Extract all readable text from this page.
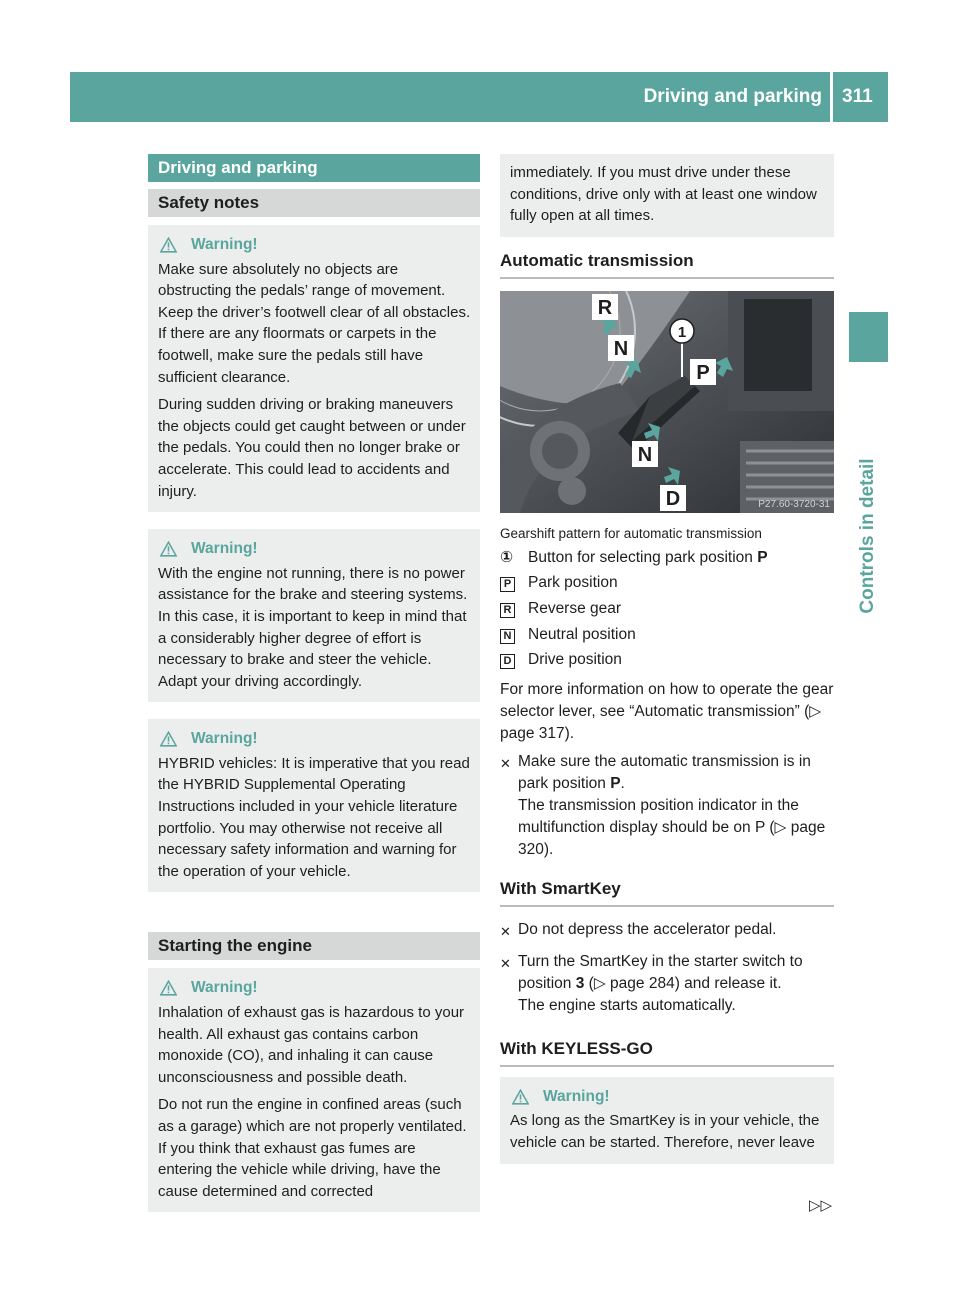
Driving and parking 311
Controls in detail
Driving and parking
Safety notes
Warning!

Make sure absolutely no objects are obstructing the pedals’ range of movement. Keep the driver’s footwell clear of all obstacles. If there are any floormats or carpets in the footwell, make sure the pedals still have sufficient clearance.

During sudden driving or braking maneuvers the objects could get caught between or under the pedals. You could then no longer brake or accelerate. This could lead to accidents and injury.

Warning!

With the engine not running, there is no power assistance for the brake and steering systems. In this case, it is important to keep in mind that a considerably higher degree of effort is necessary to brake and steer the vehicle. Adapt your driving accordingly.

Warning!

HYBRID vehicles: It is imperative that you read the HYBRID Supplemental Operating Instructions included in your vehicle literature portfolio. You may otherwise not receive all necessary safety information and warning for the operation of your vehicle.

Starting the engine
Warning!

Inhalation of exhaust gas is hazardous to your health. All exhaust gas contains carbon monoxide (CO), and inhaling it can cause unconsciousness and possible death.

Do not run the engine in confined areas (such as a garage) which are not properly ventilated. If you think that exhaust gas fumes are entering the vehicle while driving, have the cause determined and corrected

immediately. If you must drive under these conditions, drive only with at least one window fully open at all times.

Automatic transmission
R
N
P
N
D
1
P27.60-3720-31
Gearshift pattern for automatic transmission
① Button for selecting park position P
P	Park position
R	Reverse gear
N	Neutral position
D	Drive position
For more information on how to operate the gear selector lever, see “Automatic transmission” (▷ page 317).
✕ Make sure the automatic transmission is in park position P.
The transmission position indicator in the multifunction display should be on P (▷ page 320).
With SmartKey
✕ Do not depress the accelerator pedal.
✕ Turn the SmartKey in the starter switch to position 3 (▷ page 284) and release it.
The engine starts automatically.
With KEYLESS-GO
Warning!

As long as the SmartKey is in your vehicle, the vehicle can be started. Therefore, never leave

▷▷
